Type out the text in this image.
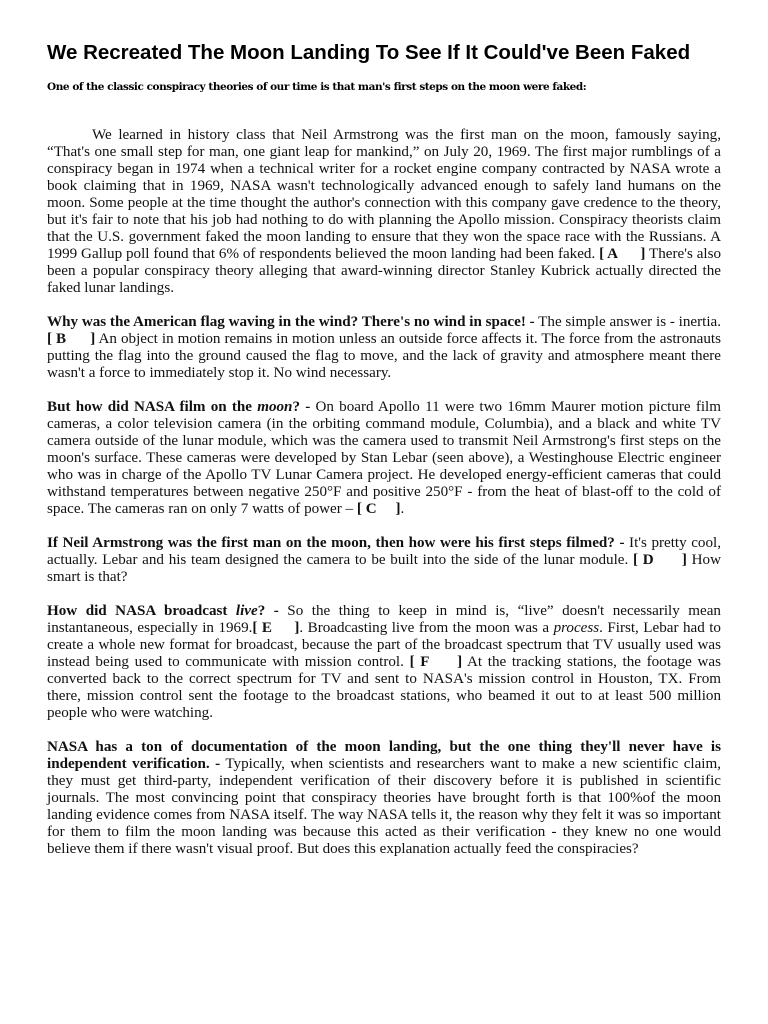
We Recreated The Moon Landing To See If It Could've Been Faked
One of the classic conspiracy theories of our time is that man's first steps on the moon were faked:

We learned in history class that Neil Armstrong was the first man on the moon, famously saying, “That's one small step for man, one giant leap for mankind,” on July 20, 1969. The first major rumblings of a conspiracy began in 1974 when a technical writer for a rocket engine company contracted by NASA wrote a book claiming that in 1969, NASA wasn't technologically advanced enough to safely land humans on the moon. Some people at the time thought the author's connection with this company gave credence to the theory, but it's fair to note that his job had nothing to do with planning the Apollo mission. Conspiracy theorists claim that the U.S. government faked the moon landing to ensure that they won the space race with the Russians. A 1999 Gallup poll found that 6% of respondents believed the moon landing had been faked. [ A      ] There's also been a popular conspiracy theory alleging that award-winning director Stanley Kubrick actually directed the faked lunar landings.

Why was the American flag waving in the wind? There's no wind in space! - The simple answer is - inertia. [ B      ] An object in motion remains in motion unless an outside force affects it. The force from the astronauts putting the flag into the ground caused the flag to move, and the lack of gravity and atmosphere meant there wasn't a force to immediately stop it. No wind necessary.

But how did NASA film on the moon? - On board Apollo 11 were two 16mm Maurer motion picture film cameras, a color television camera (in the orbiting command module, Columbia), and a black and white TV camera outside of the lunar module, which was the camera used to transmit Neil Armstrong's first steps on the moon's surface. These cameras were developed by Stan Lebar (seen above), a Westinghouse Electric engineer who was in charge of the Apollo TV Lunar Camera project. He developed energy-efficient cameras that could withstand temperatures between negative 250°F and positive 250°F - from the heat of blast-off to the cold of space. The cameras ran on only 7 watts of power – [ C     ].

If Neil Armstrong was the first man on the moon, then how were his first steps filmed? - It's pretty cool, actually. Lebar and his team designed the camera to be built into the side of the lunar module. [ D      ] How smart is that?

How did NASA broadcast live? - So the thing to keep in mind is, “live” doesn't necessarily mean instantaneous, especially in 1969.[ E     ]. Broadcasting live from the moon was a process. First, Lebar had to create a whole new format for broadcast, because the part of the broadcast spectrum that TV usually used was instead being used to communicate with mission control. [ F     ] At the tracking stations, the footage was converted back to the correct spectrum for TV and sent to NASA's mission control in Houston, TX. From there, mission control sent the footage to the broadcast stations, who beamed it out to at least 500 million people who were watching.

NASA has a ton of documentation of the moon landing, but the one thing they'll never have is independent verification. - Typically, when scientists and researchers want to make a new scientific claim, they must get third-party, independent verification of their discovery before it is published in scientific journals. The most convincing point that conspiracy theories have brought forth is that 100%of the moon landing evidence comes from NASA itself. The way NASA tells it, the reason why they felt it was so important for them to film the moon landing was because this acted as their verification - they knew no one would believe them if there wasn't visual proof. But does this explanation actually feed the conspiracies?
